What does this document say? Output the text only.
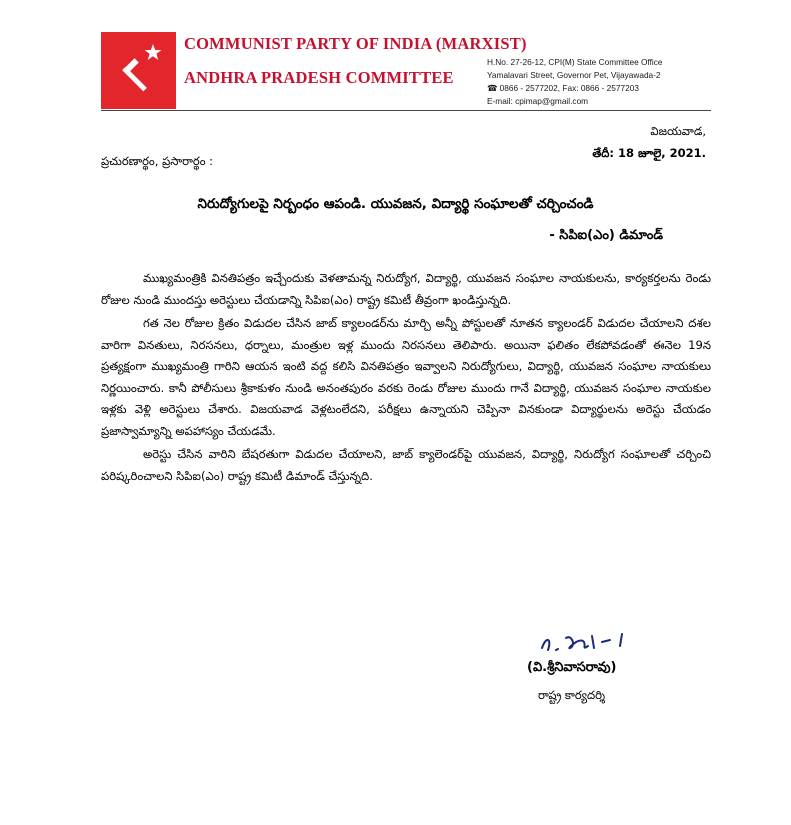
COMMUNIST PARTY OF INDIA (MARXIST)
ANDHRA PRADESH COMMITTEE
H.No. 27-26-12, CPI(M) State Committee Office
Yamalavari Street, Governor Pet, Vijayawada-2
☎ 0866 - 2577202, Fax: 0866 - 2577203
E-mail: cpimap@gmail.com
విజయవాడ,
ప్రచురణార్థం, ప్రసారార్థం :
తేదీ: 18 జూలై, 2021.
నిరుద్యోగులపై నిర్బంధం ఆపండి. యువజన, విద్యార్థి సంఘాలతో చర్చించండి
- సిపిఐ(ఎం) డిమాండ్

ముఖ్యమంత్రికి వినతిపత్రం ఇచ్చేందుకు వెళతామన్న నిరుద్యోగ, విద్యార్థి, యువజన సంఘాల నాయకులను, కార్యకర్తలను రెండు రోజుల నుండి ముందస్తు అరెస్టులు చేయడాన్ని సిపిఐ(ఎం) రాష్ట్ర కమిటీ తీవ్రంగా ఖండిస్తున్నది.

గత నెల రోజుల క్రితం విడుదల చేసిన జాబ్ క్యాలండర్‌ను మార్చి అన్నీ పోస్టులతో నూతన క్యాలండర్ విడుదల చేయాలని దశల వారిగా వినతులు, నిరసనలు, ధర్నాలు, మంత్రుల ఇళ్ల ముందు నిరసనలు తెలిపారు. అయినా ఫలితం లేకపోవడంతో ఈనెల 19న ప్రత్యక్షంగా ముఖ్యమంత్రి గారిని ఆయన ఇంటి వద్ద కలిసి వినతిపత్రం ఇవ్వాలని నిరుద్యోగులు, విద్యార్థి, యువజన సంఘాల నాయకులు నిర్ణయించారు. కానీ పోలీసులు శ్రీకాకుళం నుండి అనంతపురం వరకు రెండు రోజుల ముందు గానే విద్యార్థి, యువజన సంఘాల నాయకుల ఇళ్లకు వెళ్లి అరెస్టులు చేశారు. విజయవాడ వెళ్లటంలేదని, పరీక్షలు ఉన్నాయని చెప్పినా వినకుండా విద్యార్థులను అరెస్టు చేయడం ప్రజాస్వామ్యాన్ని అపహాస్యం చేయడమే.

అరెస్టు చేసిన వారిని బేషరతుగా విడుదల చేయాలని, జాబ్ క్యాలెండర్‌పై యువజన, విద్యార్థి, నిరుద్యోగ సంఘాలతో చర్చించి పరిష్కరించాలని సిపిఐ(ఎం) రాష్ట్ర కమిటీ డిమాండ్ చేస్తున్నది.

(వి.శ్రీనివాసరావు)
రాష్ట్ర కార్యదర్శి
